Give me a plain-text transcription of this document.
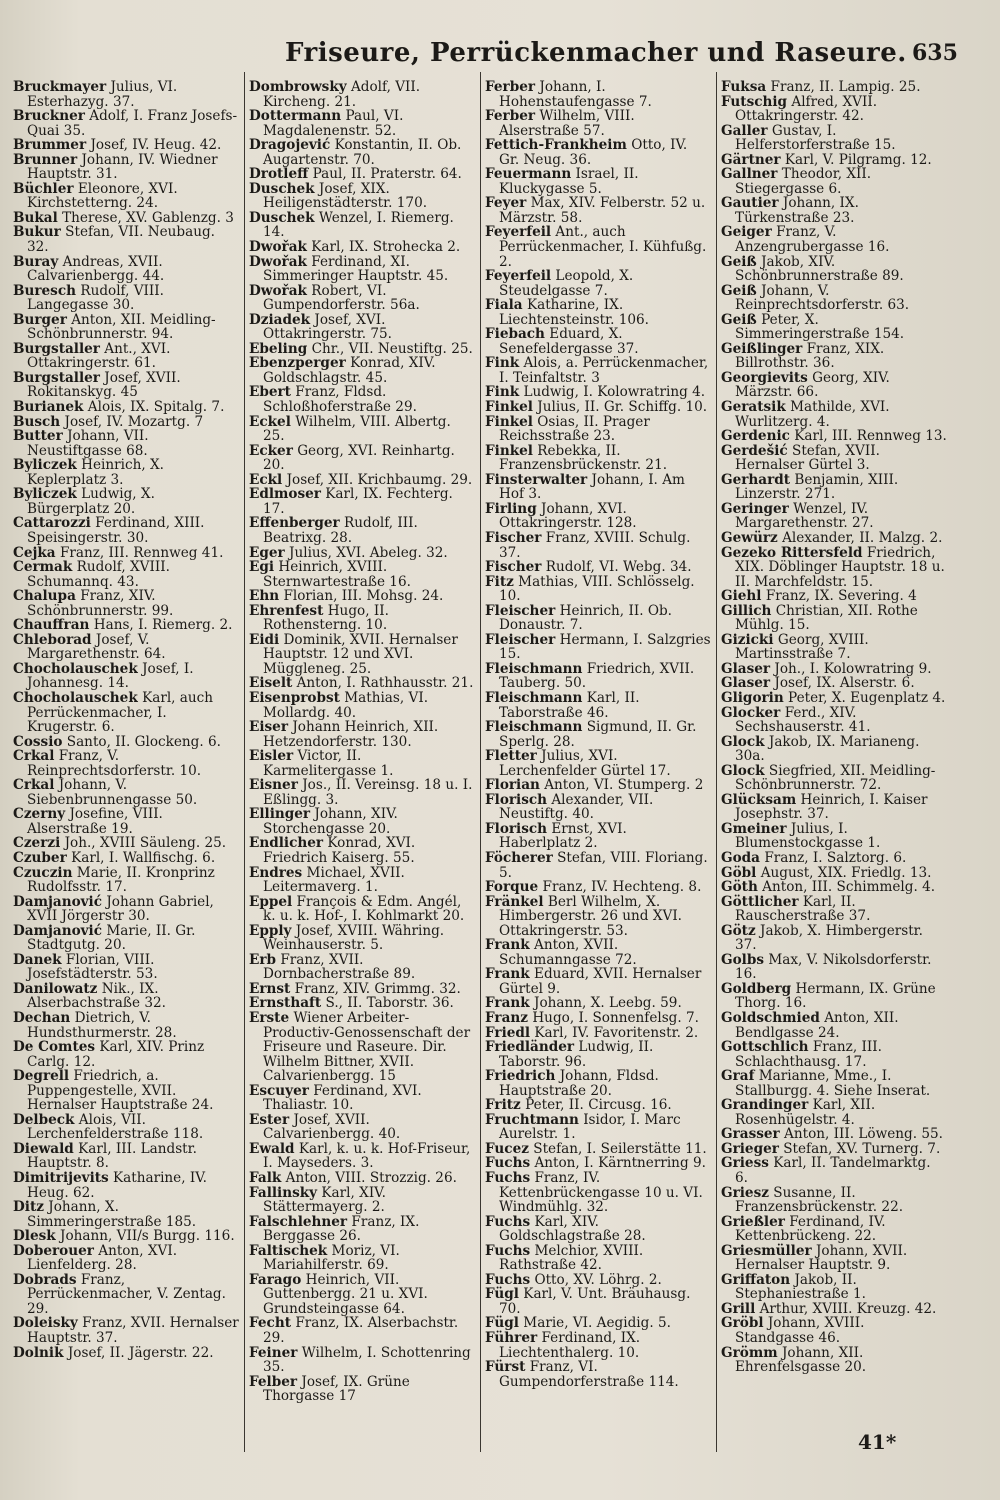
Friseure, Perrückenmacher und Raseure. 635
Bruckmayer Julius, VI. Esterhazyg. 37.
Bruckner Adolf, I. Franz Josefs-Quai 35.
Brummer Josef, IV. Heug. 42.
Brunner Johann, IV. Wiedner Hauptstr. 31.
Büchler Eleonore, XVI. Kirchstetterng. 24.
Bukal Therese, XV. Gablenzg. 3
Bukur Stefan, VII. Neubaug. 32.
Buray Andreas, XVII. Calvarienbergg. 44.
Buresch Rudolf, VIII. Langegasse 30.
Burger Anton, XII. Meidling-Schönbrunnerstr. 94.
Burgstaller Ant., XVI. Ottakringerstr. 61.
Burgstaller Josef, XVII. Rokitanskyg. 45
Burianek Alois, IX. Spitalg. 7.
Busch Josef, IV. Mozartg. 7
Butter Johann, VII. Neustiftgasse 68.
Byliczek Heinrich, X. Keplerplatz 3.
Byliczek Ludwig, X. Bürgerplatz 20.
Cattarozzi Ferdinand, XIII. Speisingerstr. 30.
Cejka Franz, III. Rennweg 41.
Cermak Rudolf, XVIII. Schumannq. 43.
Chalupa Franz, XIV. Schönbrunnerstr. 99.
Chauffran Hans, I. Riemerg. 2.
Chleborad Josef, V. Margarethenstr. 64.
Chocholauschek Josef, I. Johannesg. 14.
Chocholauschek Karl, auch Perrückenmacher, I. Krugerstr. 6.
Cossio Santo, II. Glockeng. 6.
Crkal Franz, V. Reinprechtsdorferstr. 10.
Crkal Johann, V. Siebenbrunnengasse 50.
Czerny Josefine, VIII. Alserstraße 19.
Czerzi Joh., XVIII Säuleng. 25.
Czuber Karl, I. Wallfischg. 6.
Czuczin Marie, II. Kronprinz Rudolfsstr. 17.
Damjanović Johann Gabriel, XVII Jörgerstr 30.
Damjanović Marie, II. Gr. Stadtgutg. 20.
Danek Florian, VIII. Josefstädterstr. 53.
Danilowatz Nik., IX. Alserbachstraße 32.
Dechan Dietrich, V. Hundsthurmerstr. 28.
De Comtes Karl, XIV. Prinz Carlg. 12.
Degrell Friedrich, a. Puppengestelle, XVII. Hernalser Hauptstraße 24.
Delbeck Alois, VII. Lerchenfelderstraße 118.
Diewald Karl, III. Landstr. Hauptstr. 8.
Dimitrijevits Katharine, IV. Heug. 62.
Ditz Johann, X. Simmeringerstraße 185.
Dlesk Johann, VII/s Burgg. 116.
Doberouer Anton, XVI. Lienfelderg. 28.
Dobrads Franz, Perrückenmacher, V. Zentag. 29.
Doleisky Franz, XVII. Hernalser Hauptstr. 37.
Dolnik Josef, II. Jägerstr. 22.
Dombrowsky Adolf, VII. Kircheng. 21.
Dottermann Paul, VI. Magdalenenstr. 52.
Dragojević Konstantin, II. Ob. Augartenstr. 70.
Drotleff Paul, II. Praterstr. 64.
Duschek Josef, XIX. Heiligenstädterstr. 170.
Duschek Wenzel, I. Riemerg. 14.
Dwořak Karl, IX. Strohecka 2.
Dwořak Ferdinand, XI. Simmeringer Hauptstr. 45.
Dwořak Robert, VI. Gumpendorferstr. 56a.
Dziadek Josef, XVI. Ottakringerstr. 75.
Ebeling Chr., VII. Neustiftg. 25.
Ebenzperger Konrad, XIV. Goldschlagstr. 45.
Ebert Franz, Fldsd. Schloßhoferstraße 29.
Eckel Wilhelm, VIII. Albertg. 25.
Ecker Georg, XVI. Reinhartg. 20.
Eckl Josef, XII. Krichbaumg. 29.
Edlmoser Karl, IX. Fechterg. 17.
Effenberger Rudolf, III. Beatrixg. 28.
Eger Julius, XVI. Abeleg. 32.
Egi Heinrich, XVIII. Sternwartestraße 16.
Ehn Florian, III. Mohsg. 24.
Ehrenfest Hugo, II. Rothensterng. 10.
Eidi Dominik, XVII. Hernalser Hauptstr. 12 und XVI. Müggleneg. 25.
Eiselt Anton, I. Rathhausstr. 21.
Eisenprobst Mathias, VI. Mollardg. 40.
Eiser Johann Heinrich, XII. Hetzendorferstr. 130.
Eisler Victor, II. Karmelitergasse 1.
Eisner Jos., II. Vereinsg. 18 u. I. Eßlingg. 3.
Ellinger Johann, XIV. Storchengasse 20.
Endlicher Konrad, XVI. Friedrich Kaiserg. 55.
Endres Michael, XVII. Leitermaverg. 1.
Eppel François & Edm. Angél, k. u. k. Hof-, I. Kohlmarkt 20.
Epply Josef, XVIII. Währing. Weinhauserstr. 5.
Erb Franz, XVII. Dornbacherstraße 89.
Ernst Franz, XIV. Grimmg. 32.
Ernsthaft S., II. Taborstr. 36.
Erste Wiener Arbeiter-Productiv-Genossenschaft der Friseure und Raseure. Dir. Wilhelm Bittner, XVII. Calvarienbergg. 15
Escuyer Ferdinand, XVI. Thaliastr. 10.
Ester Josef, XVII. Calvarienbergg. 40.
Ewald Karl, k. u. k. Hof-Friseur, I. Mayseders. 3.
Falk Anton, VIII. Strozzig. 26.
Fallinsky Karl, XIV. Stättermayerg. 2.
Falschlehner Franz, IX. Berggasse 26.
Faltischek Moriz, VI. Mariahilferstr. 69.
Farago Heinrich, VII. Guttenbergg. 21 u. XVI. Grundsteingasse 64.
Fecht Franz, IX. Alserbachstr. 29.
Feiner Wilhelm, I. Schottenring 35.
Felber Josef, IX. Grüne Thorgasse 17
Ferber Johann, I. Hohenstaufengasse 7.
Ferber Wilhelm, VIII. Alserstraße 57.
Fettich-Frankheim Otto, IV. Gr. Neug. 36.
Feuermann Israel, II. Kluckygasse 5.
Feyer Max, XIV. Felberstr. 52 u. Märzstr. 58.
Feyerfeil Ant., auch Perrückenmacher, I. Kühfußg. 2.
Feyerfeil Leopold, X. Steudelgasse 7.
Fiala Katharine, IX. Liechtensteinstr. 106.
Fiebach Eduard, X. Senefeldergasse 37.
Fink Alois, a. Perrückenmacher, I. Teinfaltstr. 3
Fink Ludwig, I. Kolowratring 4.
Finkel Julius, II. Gr. Schiffg. 10.
Finkel Osias, II. Prager Reichsstraße 23.
Finkel Rebekka, II. Franzensbrückenstr. 21.
Finsterwalter Johann, I. Am Hof 3.
Firling Johann, XVI. Ottakringerstr. 128.
Fischer Franz, XVIII. Schulg. 37.
Fischer Rudolf, VI. Webg. 34.
Fitz Mathias, VIII. Schlösselg. 10.
Fleischer Heinrich, II. Ob. Donaustr. 7.
Fleischer Hermann, I. Salzgries 15.
Fleischmann Friedrich, XVII. Tauberg. 50.
Fleischmann Karl, II. Taborstraße 46.
Fleischmann Sigmund, II. Gr. Sperlg. 28.
Fletter Julius, XVI. Lerchenfelder Gürtel 17.
Florian Anton, VI. Stumperg. 2
Florisch Alexander, VII. Neustiftg. 40.
Florisch Ernst, XVI. Haberlplatz 2.
Föcherer Stefan, VIII. Floriang. 5.
Forque Franz, IV. Hechteng. 8.
Fränkel Berl Wilhelm, X. Himbergerstr. 26 und XVI. Ottakringerstr. 53.
Frank Anton, XVII. Schumanngasse 72.
Frank Eduard, XVII. Hernalser Gürtel 9.
Frank Johann, X. Leebg. 59.
Franz Hugo, I. Sonnenfelsg. 7.
Friedl Karl, IV. Favoritenstr. 2.
Friedländer Ludwig, II. Taborstr. 96.
Friedrich Johann, Fldsd. Hauptstraße 20.
Fritz Peter, II. Circusg. 16.
Fruchtmann Isidor, I. Marc Aurelstr. 1.
Fucez Stefan, I. Seilerstätte 11.
Fuchs Anton, I. Kärntnerring 9.
Fuchs Franz, IV. Kettenbrückengasse 10 u. VI. Windmühlg. 32.
Fuchs Karl, XIV. Goldschlagstraße 28.
Fuchs Melchior, XVIII. Rathstraße 42.
Fuchs Otto, XV. Löhrg. 2.
Fügl Karl, V. Unt. Bräuhausg. 70.
Fügl Marie, VI. Aegidig. 5.
Führer Ferdinand, IX. Liechtenthalerg. 10.
Fürst Franz, VI. Gumpendorferstraße 114.
Fuksa Franz, II. Lampig. 25.
Futschig Alfred, XVII. Ottakringerstr. 42.
Galler Gustav, I. Helferstorferstraße 15.
Gärtner Karl, V. Pilgramg. 12.
Gallner Theodor, XII. Stiegergasse 6.
Gautier Johann, IX. Türkenstraße 23.
Geiger Franz, V. Anzengrubergasse 16.
Geiß Jakob, XIV. Schönbrunnerstraße 89.
Geiß Johann, V. Reinprechtsdorferstr. 63.
Geiß Peter, X. Simmeringerstraße 154.
Geißlinger Franz, XIX. Billrothstr. 36.
Georgievits Georg, XIV. Märzstr. 66.
Geratsik Mathilde, XVI. Wurlitzerg. 4.
Gerdenic Karl, III. Rennweg 13.
Gerdešić Stefan, XVII. Hernalser Gürtel 3.
Gerhardt Benjamin, XIII. Linzerstr. 271.
Geringer Wenzel, IV. Margarethenstr. 27.
Gewürz Alexander, II. Malzg. 2.
Gezeko Rittersfeld Friedrich, XIX. Döblinger Hauptstr. 18 u. II. Marchfeldstr. 15.
Giehl Franz, IX. Severing. 4
Gillich Christian, XII. Rothe Mühlg. 15.
Gizicki Georg, XVIII. Martinsstraße 7.
Glaser Joh., I. Kolowratring 9.
Glaser Josef, IX. Alserstr. 6.
Gligorin Peter, X. Eugenplatz 4.
Glocker Ferd., XIV. Sechshauserstr. 41.
Glock Jakob, IX. Marianeng. 30a.
Glock Siegfried, XII. Meidling-Schönbrunnerstr. 72.
Glücksam Heinrich, I. Kaiser Josephstr. 37.
Gmeiner Julius, I. Blumenstockgasse 1.
Goda Franz, I. Salztorg. 6.
Göbl August, XIX. Friedlg. 13.
Göth Anton, III. Schimmelg. 4.
Göttlicher Karl, II. Rauscherstraße 37.
Götz Jakob, X. Himbergerstr. 37.
Golbs Max, V. Nikolsdorferstr. 16.
Goldberg Hermann, IX. Grüne Thorg. 16.
Goldschmied Anton, XII. Bendlgasse 24.
Gottschlich Franz, III. Schlachthausg. 17.
Graf Marianne, Mme., I. Stallburgg. 4. Siehe Inserat.
Grandinger Karl, XII. Rosenhügelstr. 4.
Grasser Anton, III. Löweng. 55.
Grieger Stefan, XV. Turnerg. 7.
Griess Karl, II. Tandelmarktg. 6.
Griesz Susanne, II. Franzensbrückenstr. 22.
Grießler Ferdinand, IV. Kettenbrückeng. 22.
Griesmüller Johann, XVII. Hernalser Hauptstr. 9.
Griffaton Jakob, II. Stephaniestraße 1.
Grill Arthur, XVIII. Kreuzg. 42.
Gröbl Johann, XVIII. Standgasse 46.
Grömm Johann, XII. Ehrenfelsgasse 20.
41*
